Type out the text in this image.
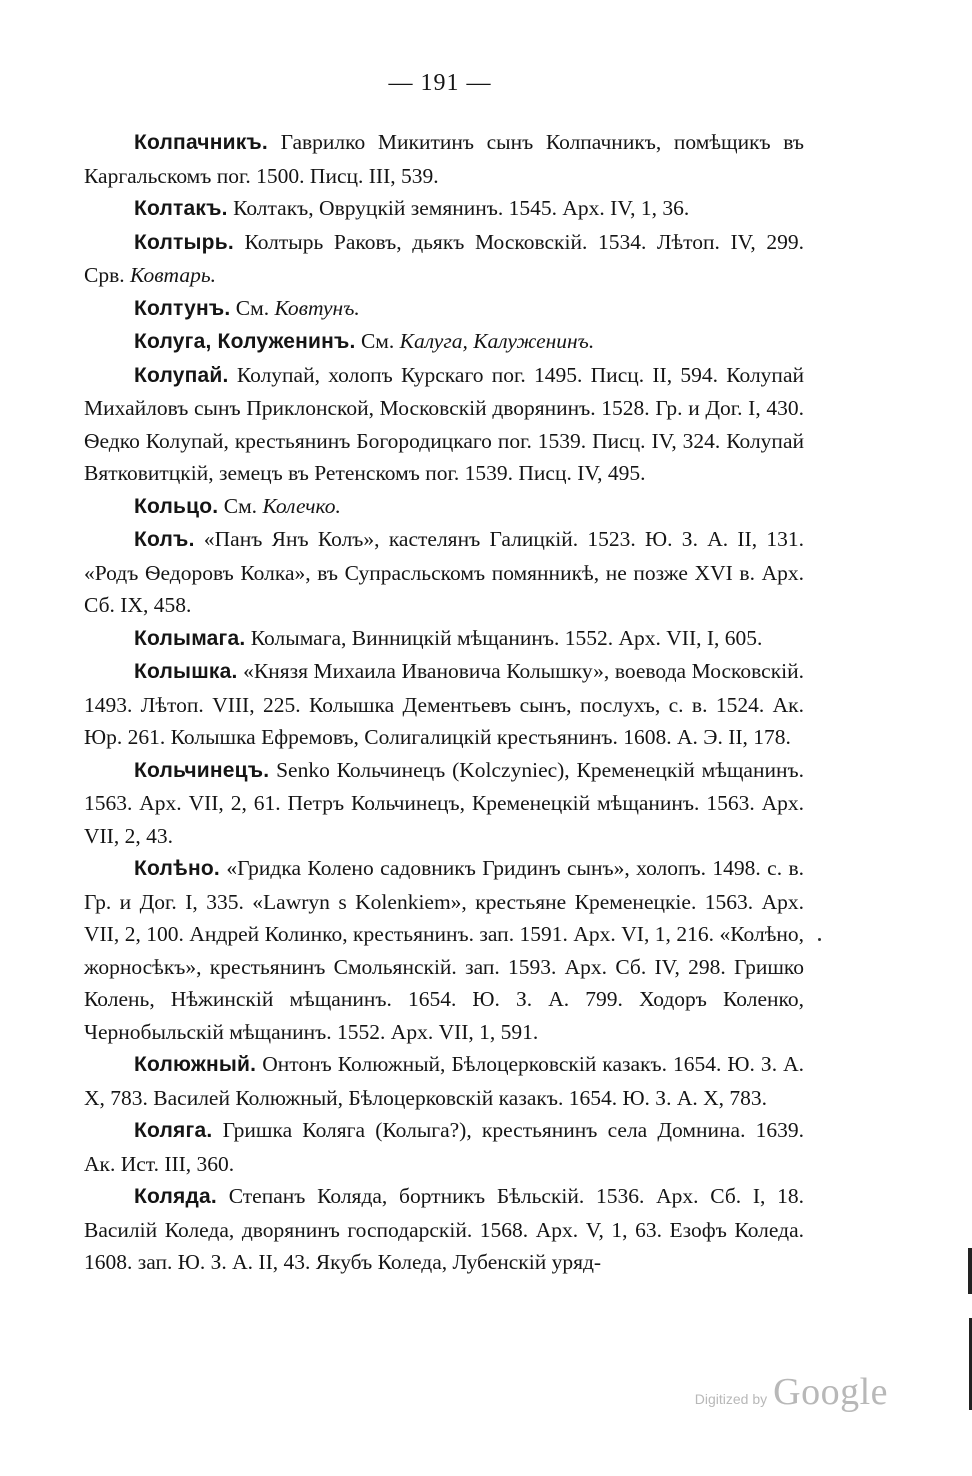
— 191 —

Колпачникъ. Гаврилко Микитинъ сынъ Колпачникъ, помѣщикъ въ Каргальскомъ пог. 1500. Писц. III, 539.

Колтакъ. Колтакъ, Овруцкій земянинъ. 1545. Арх. IV, 1, 36.

Колтырь. Колтырь Раковъ, дьякъ Московскій. 1534. Лѣтоп. IV, 299. Срв. Ковтарь.

Колтунъ. См. Ковтунъ.

Колуга, Колуженинъ. См. Калуга, Калуженинъ.

Колупай. Колупай, холопъ Курскаго пог. 1495. Писц. II, 594. Колупай Михайловъ сынъ Приклонской, Московскій дворянинъ. 1528. Гр. и Дог. I, 430. Ѳедко Колупай, крестьянинъ Богородицкаго пог. 1539. Писц. IV, 324. Колупай Вятковитцкій, земецъ въ Ретенскомъ пог. 1539. Писц. IV, 495.

Кольцо. См. Колечко.

Колъ. «Панъ Янъ Колъ», кастелянъ Галицкій. 1523. Ю. З. А. II, 131. «Родъ Ѳедоровъ Колка», въ Супрасльскомъ помянникѣ, не позже XVI в. Арх. Сб. IX, 458.

Колымага. Колымага, Винницкій мѣщанинъ. 1552. Арх. VII, I, 605.

Колышка. «Князя Михаила Ивановича Колышку», воевода Московскій. 1493. Лѣтоп. VIII, 225. Колышка Дементьевъ сынъ, послухъ, с. в. 1524. Ак. Юр. 261. Колышка Ефремовъ, Солигалицкій крестьянинъ. 1608. А. Э. II, 178.

Кольчинецъ. Senko Кольчинецъ (Kolczyniec), Кременецкій мѣщанинъ. 1563. Арх. VII, 2, 61. Петръ Кольчинецъ, Кременецкій мѣщанинъ. 1563. Арх. VII, 2, 43.

Колѣно. «Гридка Колено садовникъ Гридинъ сынъ», холопъ. 1498. с. в. Гр. и Дог. I, 335. «Lawryn s Kolenkiem», крестьяне Кременецкіе. 1563. Арх. VII, 2, 100. Андрей Колинко, крестьянинъ. зап. 1591. Арх. VI, 1, 216. «Колѣно, жорносѣкъ», крестьянинъ Смольянскій. зап. 1593. Арх. Сб. IV, 298. Гришко Колень, Нѣжинскій мѣщанинъ. 1654. Ю. З. А. 799. Ходоръ Коленко, Чернобыльскій мѣщанинъ. 1552. Арх. VII, 1, 591.

Колюжный. Онтонъ Колюжный, Бѣлоцерковскій казакъ. 1654. Ю. З. А. X, 783. Василей Колюжный, Бѣлоцерковскій казакъ. 1654. Ю. З. А. X, 783.

Коляга. Гришка Коляга (Колыга?), крестьянинъ села Домнина. 1639. Ак. Ист. III, 360.

Коляда. Степанъ Коляда, бортникъ Бѣльскій. 1536. Арх. Сб. I, 18. Василій Коледа, дворянинъ господарскій. 1568. Арх. V, 1, 63. Езофъ Коледа. 1608. зап. Ю. З. А. II, 43. Якубъ Коледа, Лубенскій уряд-

Digitized by Google
